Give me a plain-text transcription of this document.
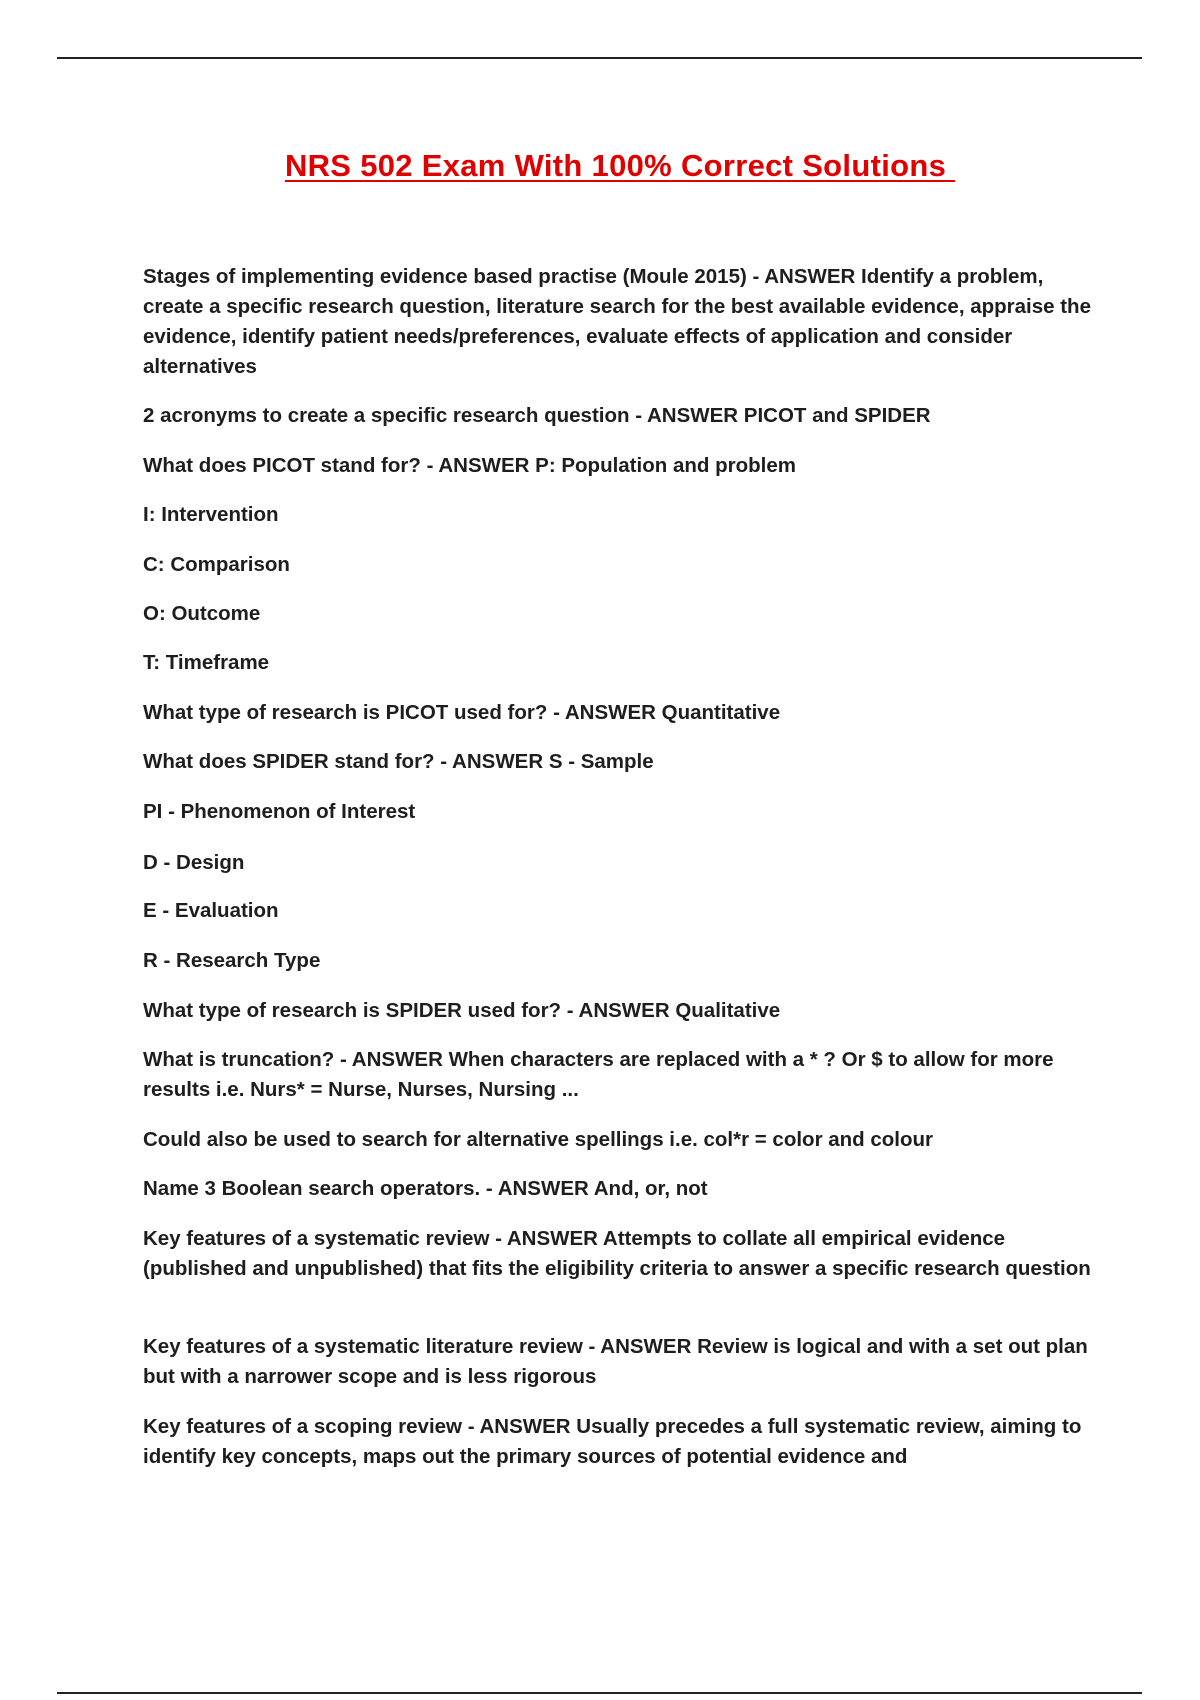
NRS 502 Exam With 100% Correct Solutions

Stages of implementing evidence based practise (Moule 2015) - ANSWER Identify a problem, create a specific research question, literature search for the best available evidence, appraise the evidence, identify patient needs/preferences, evaluate effects of application and consider alternatives

2 acronyms to create a specific research question - ANSWER PICOT and SPIDER

What does PICOT stand for? - ANSWER P: Population and problem

I: Intervention

C: Comparison

O: Outcome

T: Timeframe

What type of research is PICOT used for? - ANSWER Quantitative

What does SPIDER stand for? - ANSWER S - Sample

PI - Phenomenon of Interest

D - Design

E - Evaluation

R - Research Type

What type of research is SPIDER used for? - ANSWER Qualitative

What is truncation? - ANSWER When characters are replaced with a * ? Or $ to allow for more results i.e. Nurs* = Nurse, Nurses, Nursing ...

Could also be used to search for alternative spellings i.e. col*r = color and colour

Name 3 Boolean search operators. - ANSWER And, or, not

Key features of a systematic review - ANSWER Attempts to collate all empirical evidence (published and unpublished) that fits the eligibility criteria to answer a specific research question

Key features of a systematic literature review - ANSWER Review is logical and with a set out plan but with a narrower scope and is less rigorous

Key features of a scoping review - ANSWER Usually precedes a full systematic review, aiming to identify key concepts, maps out the primary sources of potential evidence and
